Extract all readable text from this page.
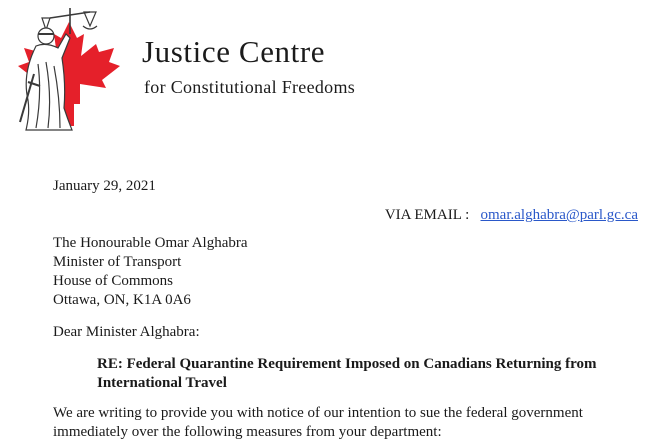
Justice Centre
for Constitutional Freedoms
January 29, 2021
VIA EMAIL : omar.alghabra@parl.gc.ca
The Honourable Omar Alghabra
Minister of Transport
House of Commons
Ottawa, ON, K1A 0A6
Dear Minister Alghabra:
RE: Federal Quarantine Requirement Imposed on Canadians Returning from
International Travel
We are writing to provide you with notice of our intention to sue the federal government
immediately over the following measures from your department:
